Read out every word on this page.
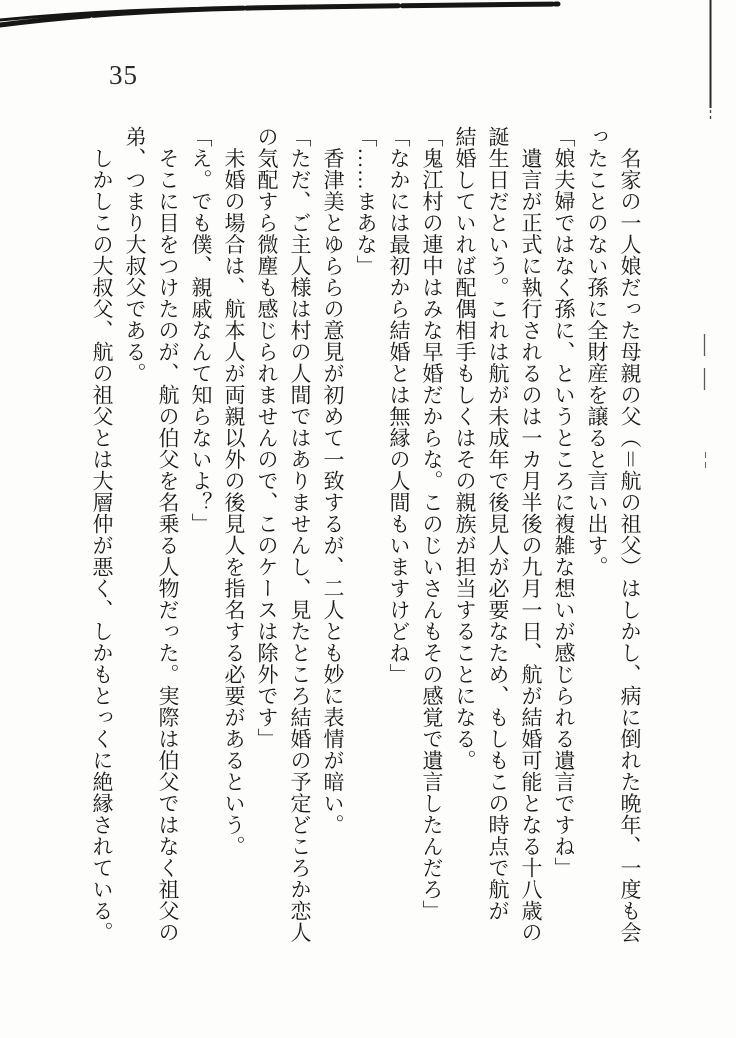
35
　名家の一人娘だった母親の父（＝航の祖父）はしかし、病に倒れた晩年、一度も会
ったことのない孫に全財産を譲ると言い出す。
「娘夫婦ではなく孫に、というところに複雑な想いが感じられる遺言ですね」
　遺言が正式に執行されるのは一カ月半後の九月一日、航が結婚可能となる十八歳の
誕生日だという。これは航が未成年で後見人が必要なため、もしもこの時点で航が
結婚していれば配偶相手もしくはその親族が担当することになる。
「鬼江村の連中はみな早婚だからな。このじいさんもその感覚で遺言したんだろ」
「なかには最初から結婚とは無縁の人間もいますけどね」
「……まあな」
　香津美とゆららの意見が初めて一致するが、二人とも妙に表情が暗い。
「ただ、ご主人様は村の人間ではありませんし、見たところ結婚の予定どころか恋人
の気配すら微塵も感じられませんので、このケースは除外です」
　未婚の場合は、航本人が両親以外の後見人を指名する必要があるという。
「え。でも僕、親戚なんて知らないよ？」
　そこに目をつけたのが、航の伯父を名乗る人物だった。実際は伯父ではなく祖父の
弟、つまり大叔父である。
　しかしこの大叔父、航の祖父とは大層仲が悪く、しかもとっくに絶縁されている。
